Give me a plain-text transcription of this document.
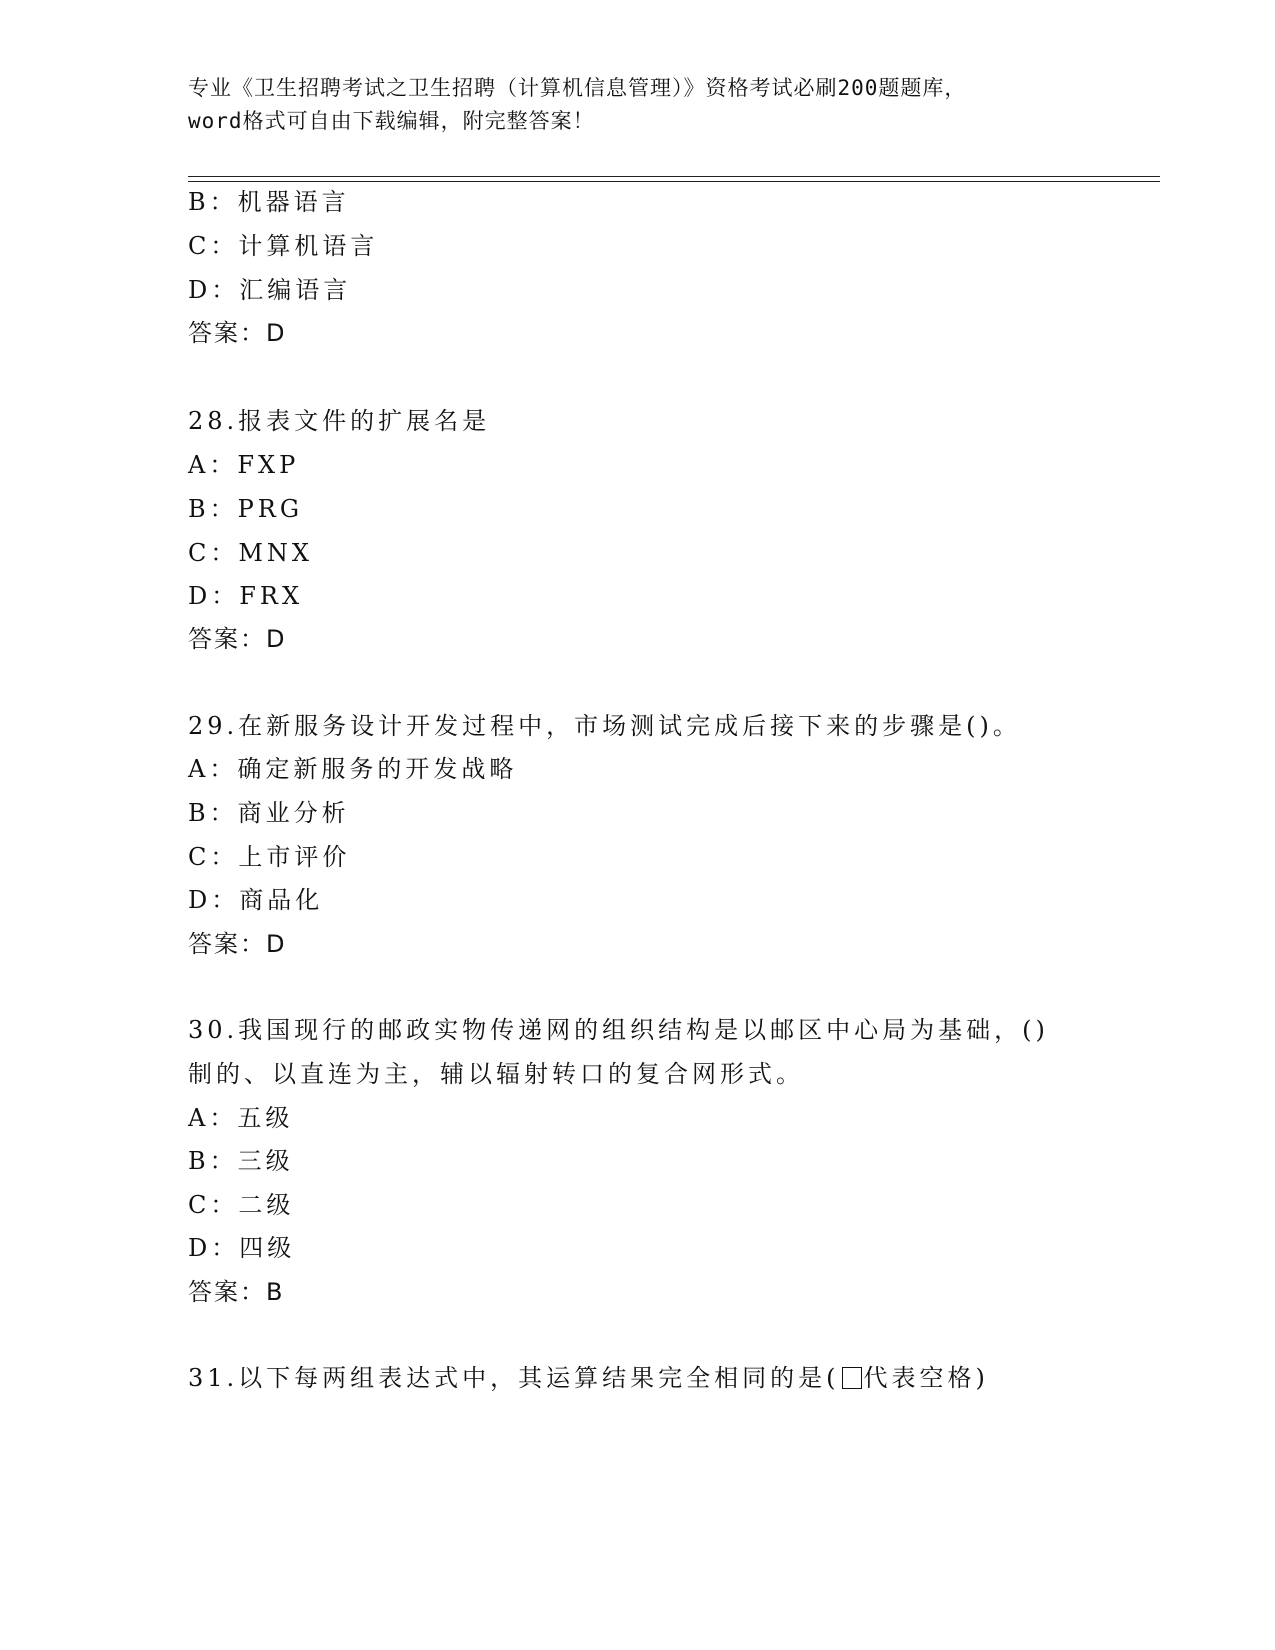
专业《卫生招聘考试之卫生招聘（计算机信息管理）》资格考试必刷200题题库，
word格式可自由下载编辑，附完整答案！
B：机器语言
C：计算机语言
D：汇编语言
答案：D
28.报表文件的扩展名是
A：FXP
B：PRG
C：MNX
D：FRX
答案：D
29.在新服务设计开发过程中，市场测试完成后接下来的步骤是()。
A：确定新服务的开发战略
B：商业分析
C：上市评价
D：商品化
答案：D
30.我国现行的邮政实物传递网的组织结构是以邮区中心局为基础，()
制的、以直连为主，辅以辐射转口的复合网形式。
A：五级
B：三级
C：二级
D：四级
答案：B
31.以下每两组表达式中，其运算结果完全相同的是( 代表空格)
